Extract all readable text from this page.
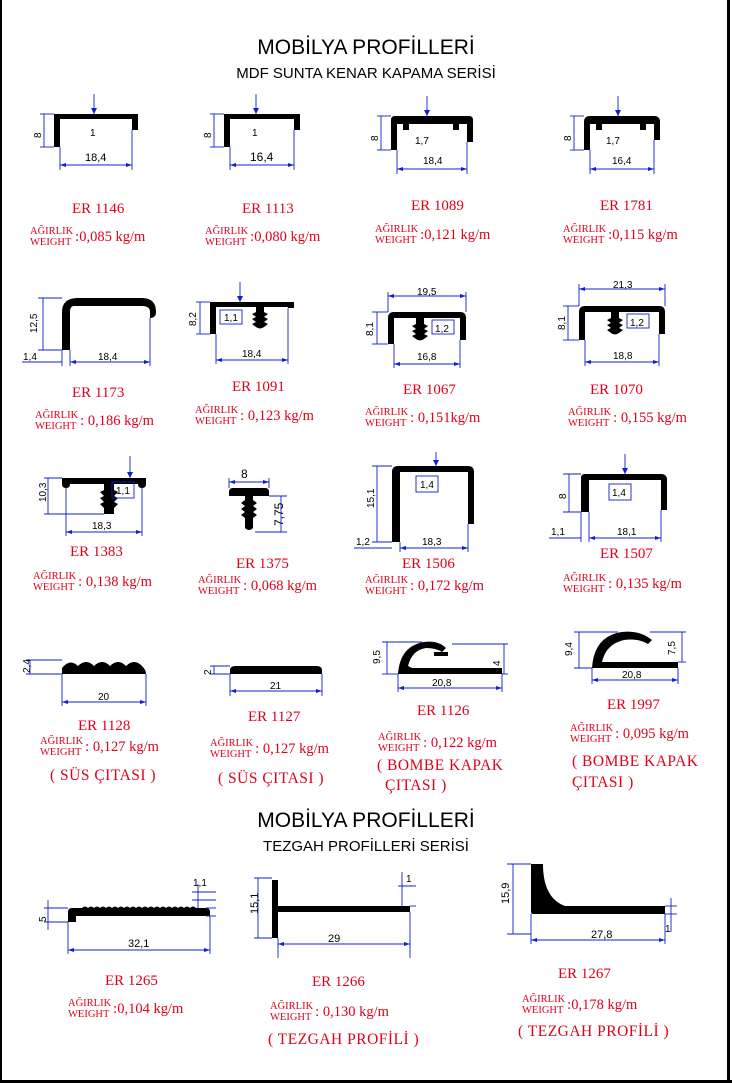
MOBİLYA PROFİLLERİ
MDF SUNTA KENAR KAPAMA SERİSİ
MOBİLYA PROFİLLERİ
TEZGAH PROFİLLERİ SERİSİ
8	1
18,4
ER 1146
AĞIRLIK
WEIGHT :0,085 kg/m
8	1
16,4
ER 1113
AĞIRLIK
WEIGHT :0,080 kg/m
8	1,7
18,4
ER 1089
AĞIRLIK
WEIGHT :0,121 kg/m
8	1,7
16,4
ER 1781
AĞIRLIK
WEIGHT :0,115 kg/m
12,5
1,4	18,4
ER 1173
AĞIRLIK
WEIGHT : 0,186 kg/m
8,2	1,1
18,4
ER 1091
AĞIRLIK
WEIGHT : 0,123 kg/m
19,5
8,1	1,2
16,8
ER 1067
AĞIRLIK
WEIGHT : 0,151kg/m
21,3
8,1	1,2
18,8
ER 1070
AĞIRLIK
WEIGHT : 0,155 kg/m
10,3	1,1
18,3
ER 1383
AĞIRLIK
WEIGHT : 0,138 kg/m
8
7,75
ER 1375
AĞIRLIK
WEIGHT : 0,068 kg/m
15,1
1,4
1,2	18,3
ER 1506
AĞIRLIK
WEIGHT : 0,172 kg/m
8	1,4
1,1	18,1
ER 1507
AĞIRLIK
WEIGHT : 0,135 kg/m
2,4
20
ER 1128
AĞIRLIK
WEIGHT : 0,127 kg/m
( SÜS ÇITASI )
2
21
ER 1127
AĞIRLIK
WEIGHT : 0,127 kg/m
( SÜS ÇITASI )
9,5	4
20,8
ER 1126
AĞIRLIK
WEIGHT : 0,122 kg/m
( BOMBE KAPAK
ÇITASI )
9,4	7,5
20,8
ER 1997
AĞIRLIK
WEIGHT : 0,095 kg/m
( BOMBE KAPAK
ÇITASI )
1,1
5
32,1
ER 1265
AĞIRLIK
WEIGHT :0,104 kg/m
15,1
1
29
ER 1266
AĞIRLIK
WEIGHT : 0,130 kg/m
( TEZGAH PROFİLİ )
15,9
1
27,8
ER 1267
AĞIRLIK
WEIGHT :0,178 kg/m
( TEZGAH PROFİLİ )
